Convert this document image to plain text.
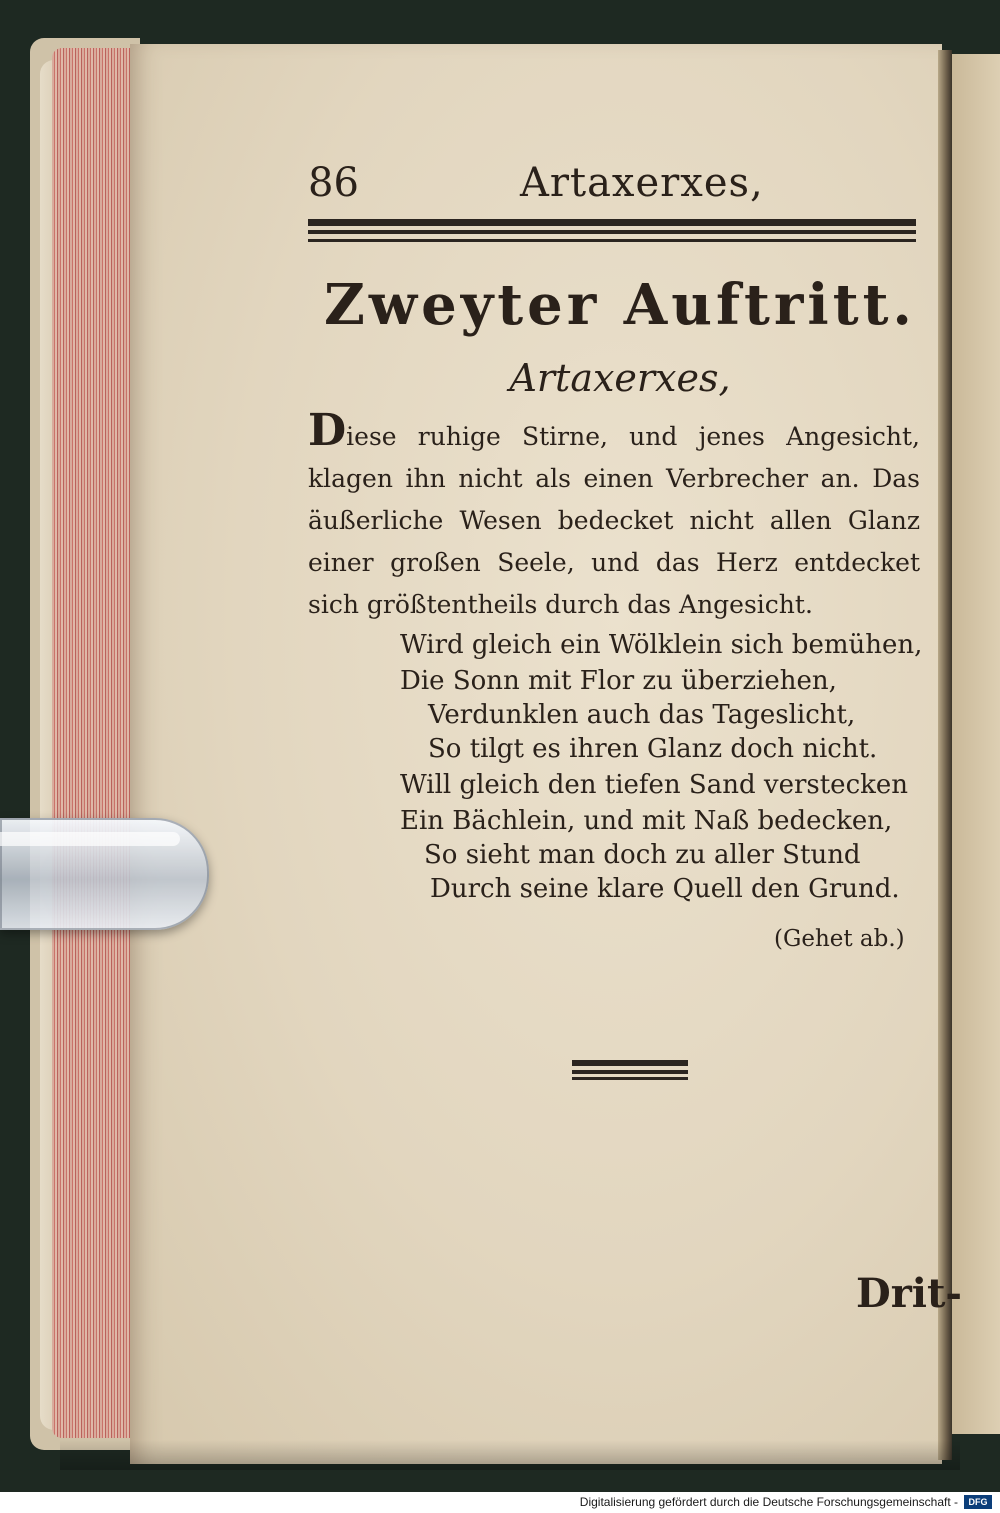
86	Artaxerxes,
Zweyter Auftritt.
Artaxerxes,
Diese ruhige Stirne, und jenes Angesicht, klagen ihn nicht als einen Verbrecher an. Das äußerliche Wesen bedecket nicht allen Glanz einer großen Seele, und das Herz entdecket sich größtentheils durch das Angesicht.
Wird gleich ein Wölklein sich bemühen,
Die Sonn mit Flor zu überziehen,
Verdunklen auch das Tageslicht,
So tilgt es ihren Glanz doch nicht.
Will gleich den tiefen Sand verstecken
Ein Bächlein, und mit Naß bedecken,
So sieht man doch zu aller Stund
Durch seine klare Quell den Grund.
(Gehet ab.)
Drit-
Digitalisierung gefördert durch die Deutsche Forschungsgemeinschaft -	DFG
